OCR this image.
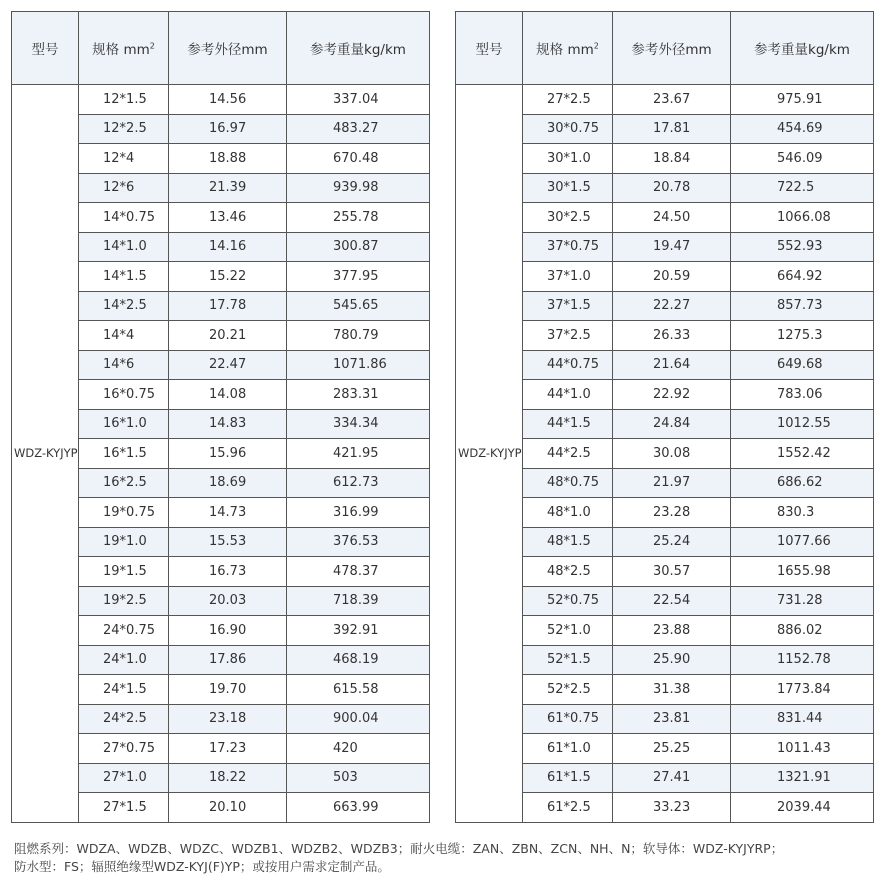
型号	规格 $mm^2$	参考外径mm	参考重量kg/km
WDZ-KYJYP	12*1.5	14.56	337.04
	12*2.5	16.97	483.27
	12*4	18.88	670.48
	12*6	21.39	939.98
	14*0.75	13.46	255.78
	14*1.0	14.16	300.87
	14*1.5	15.22	377.95
	14*2.5	17.78	545.65
	14*4	20.21	780.79
	14*6	22.47	1071.86
	16*0.75	14.08	283.31
	16*1.0	14.83	334.34
	16*1.5	15.96	421.95
	16*2.5	18.69	612.73
	19*0.75	14.73	316.99
	19*1.0	15.53	376.53
	19*1.5	16.73	478.37
	19*2.5	20.03	718.39
	24*0.75	16.90	392.91
	24*1.0	17.86	468.19
	24*1.5	19.70	615.58
	24*2.5	23.18	900.04
	27*0.75	17.23	420
	27*1.0	18.22	503
	27*1.5	20.10	663.99
型号	规格 $mm^2$	参考外径mm	参考重量kg/km
WDZ-KYJYP	27*2.5	23.67	975.91
	30*0.75	17.81	454.69
	30*1.0	18.84	546.09
	30*1.5	20.78	722.5
	30*2.5	24.50	1066.08
	37*0.75	19.47	552.93
	37*1.0	20.59	664.92
	37*1.5	22.27	857.73
	37*2.5	26.33	1275.3
	44*0.75	21.64	649.68
	44*1.0	22.92	783.06
	44*1.5	24.84	1012.55
	44*2.5	30.08	1552.42
	48*0.75	21.97	686.62
	48*1.0	23.28	830.3
	48*1.5	25.24	1077.66
	48*2.5	30.57	1655.98
	52*0.75	22.54	731.28
	52*1.0	23.88	886.02
	52*1.5	25.90	1152.78
	52*2.5	31.38	1773.84
	61*0.75	23.81	831.44
	61*1.0	25.25	1011.43
	61*1.5	27.41	1321.91
	61*2.5	33.23	2039.44
阻燃系列：WDZA、WDZB、WDZC、WDZB1、WDZB2、WDZB3；耐火电缆：ZAN、ZBN、ZCN、NH、N；软导体：WDZ-KYJYRP；
防水型：FS；辐照绝缘型WDZ-KYJ(F)YP；或按用户需求定制产品。
